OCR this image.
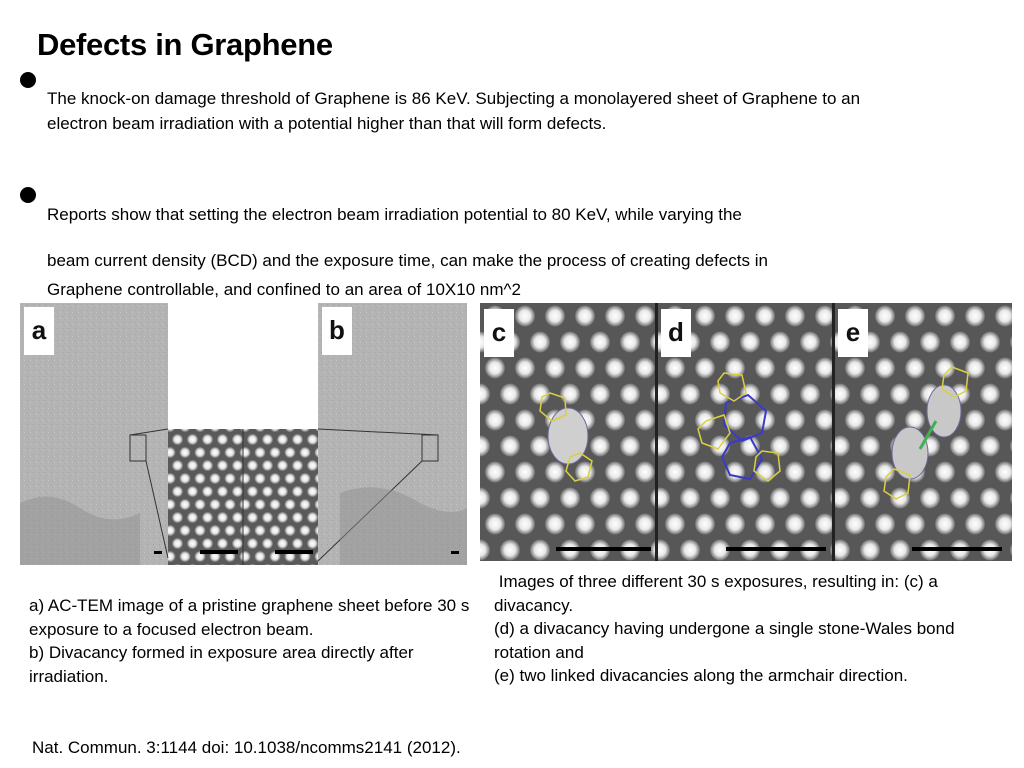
Defects in Graphene
The knock-on damage threshold of Graphene is 86 KeV. Subjecting a monolayered sheet of Graphene to an electron beam irradiation with a potential higher than that will form defects.
Reports show that setting the electron beam irradiation potential to 80 KeV, while varying the
beam current density (BCD) and the exposure time, can make the process of creating defects in
Graphene controllable, and confined to an area of 10X10 nm^2
a	b	c	d	e
a) AC-TEM image of a pristine graphene sheet before 30 s exposure to a focused electron beam.
b) Divacancy formed in exposure area directly after irradiation.
Images of three different 30 s exposures, resulting in: (c) a divacancy.
(d) a divacancy having undergone a single stone-Wales bond rotation and
(e) two linked divacancies along the armchair direction.
Nat. Commun. 3:1144 doi: 10.1038/ncomms2141 (2012).
